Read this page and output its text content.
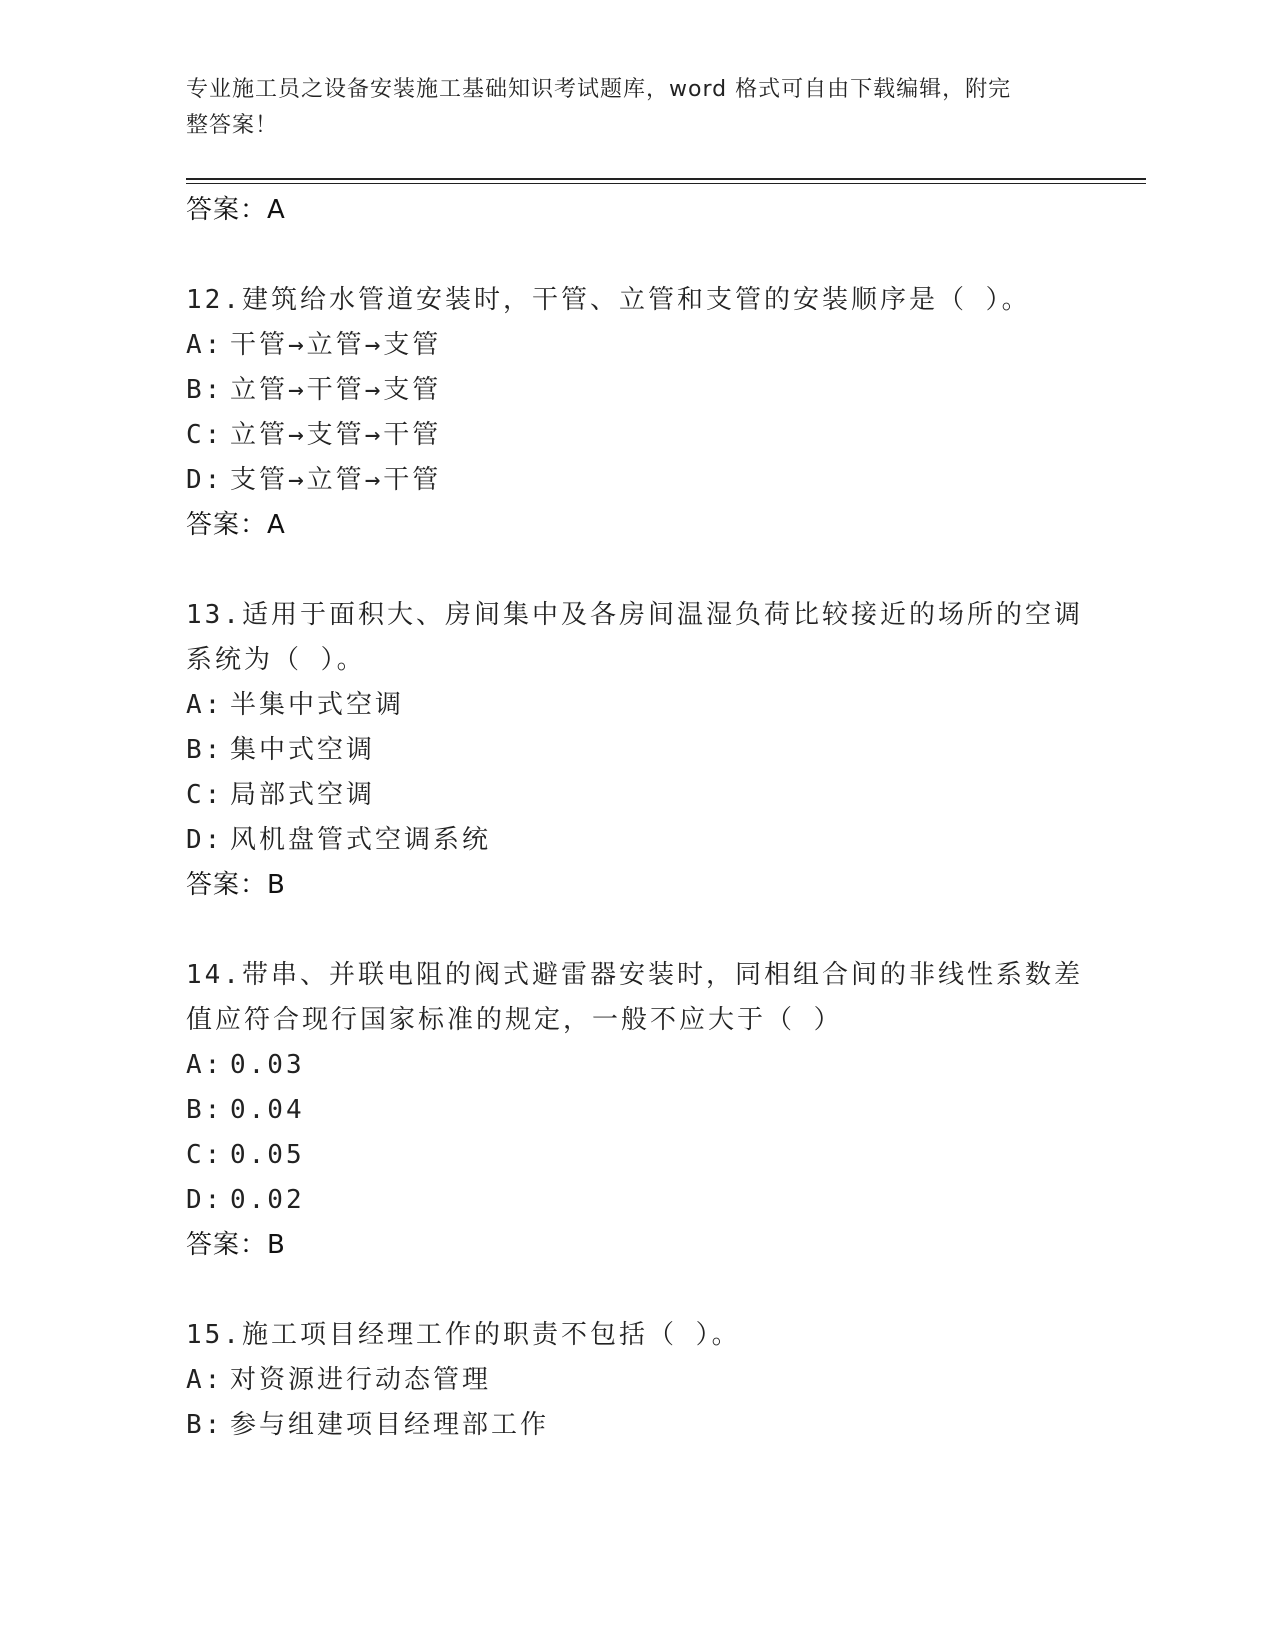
专业施工员之设备安装施工基础知识考试题库，word 格式可自由下载编辑，附完
整答案！
答案：A
12.建筑给水管道安装时，干管、立管和支管的安装顺序是（ ）。
A: 干管→立管→支管
B: 立管→干管→支管
C: 立管→支管→干管
D: 支管→立管→干管
答案：A
13.适用于面积大、房间集中及各房间温湿负荷比较接近的场所的空调
系统为（ ）。
A: 半集中式空调
B: 集中式空调
C: 局部式空调
D: 风机盘管式空调系统
答案：B
14.带串、并联电阻的阀式避雷器安装时，同相组合间的非线性系数差
值应符合现行国家标准的规定，一般不应大于（ ）
A: 0.03
B: 0.04
C: 0.05
D: 0.02
答案：B
15.施工项目经理工作的职责不包括（ ）。
A: 对资源进行动态管理
B: 参与组建项目经理部工作
